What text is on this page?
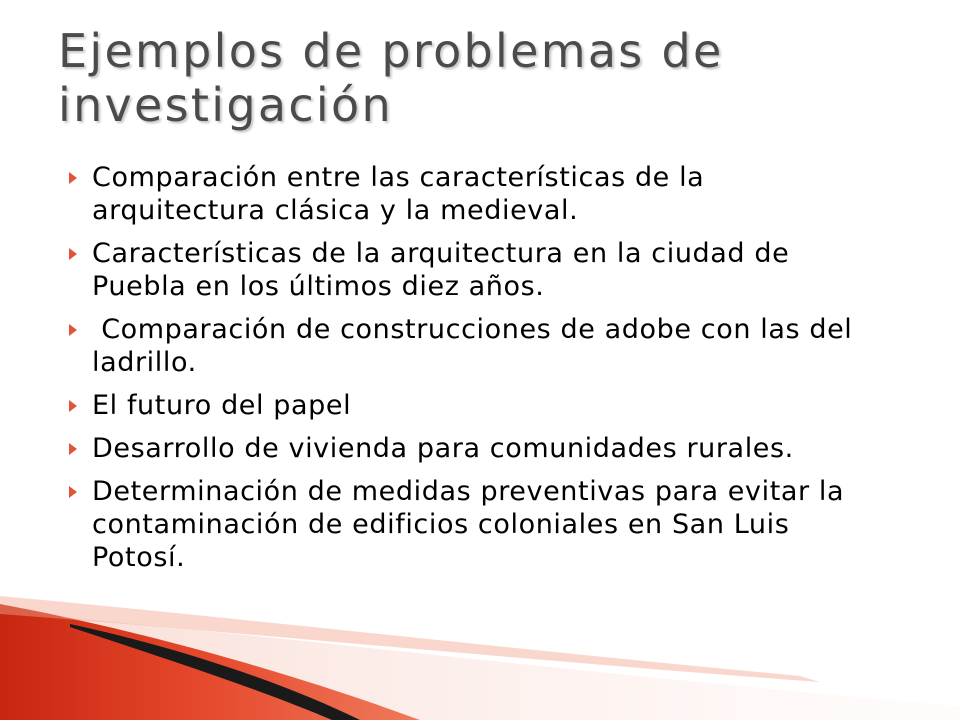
Ejemplos de problemas de investigación
Comparación entre las características de la arquitectura clásica y la medieval.
Características de la arquitectura en la ciudad de Puebla en los últimos diez años.
Comparación de construcciones de adobe con las del ladrillo.
El futuro del papel
Desarrollo de vivienda para comunidades rurales.
Determinación de medidas preventivas para evitar la contaminación de edificios coloniales en San Luis Potosí.
